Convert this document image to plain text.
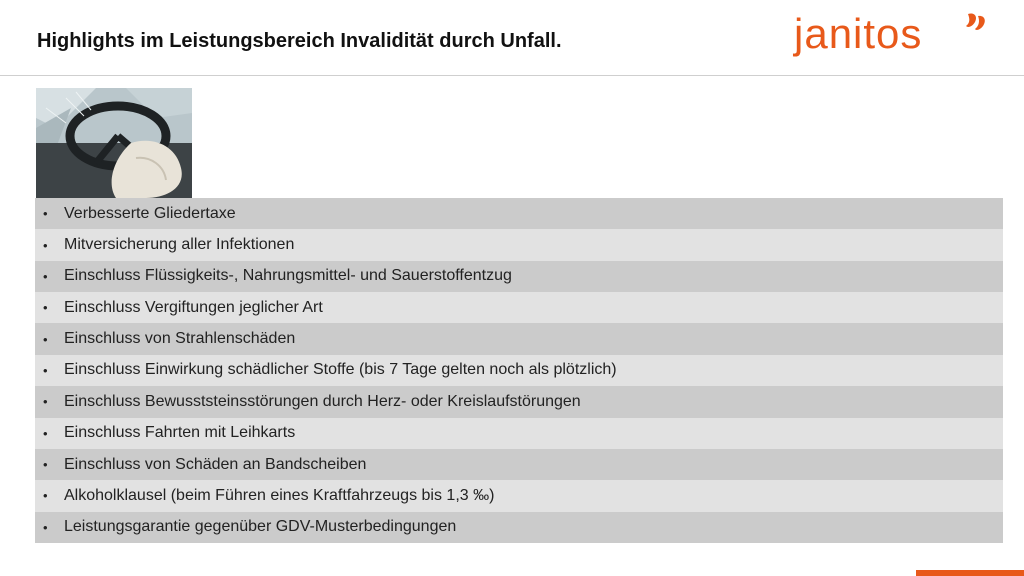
Highlights im Leistungsbereich Invalidität durch Unfall.	janitos
•	Verbesserte Gliedertaxe
•	Mitversicherung aller Infektionen
•	Einschluss Flüssigkeits-, Nahrungsmittel- und Sauerstoffentzug
•	Einschluss Vergiftungen jeglicher Art
•	Einschluss von Strahlenschäden
•	Einschluss Einwirkung schädlicher Stoffe (bis 7 Tage gelten noch als plötzlich)
•	Einschluss Bewusststeinsstörungen durch Herz- oder Kreislaufstörungen
•	Einschluss Fahrten mit Leihkarts
•	Einschluss von Schäden an Bandscheiben
•	Alkoholklausel (beim Führen eines Kraftfahrzeugs bis 1,3 ‰)
•	Leistungsgarantie gegenüber GDV-Musterbedingungen
